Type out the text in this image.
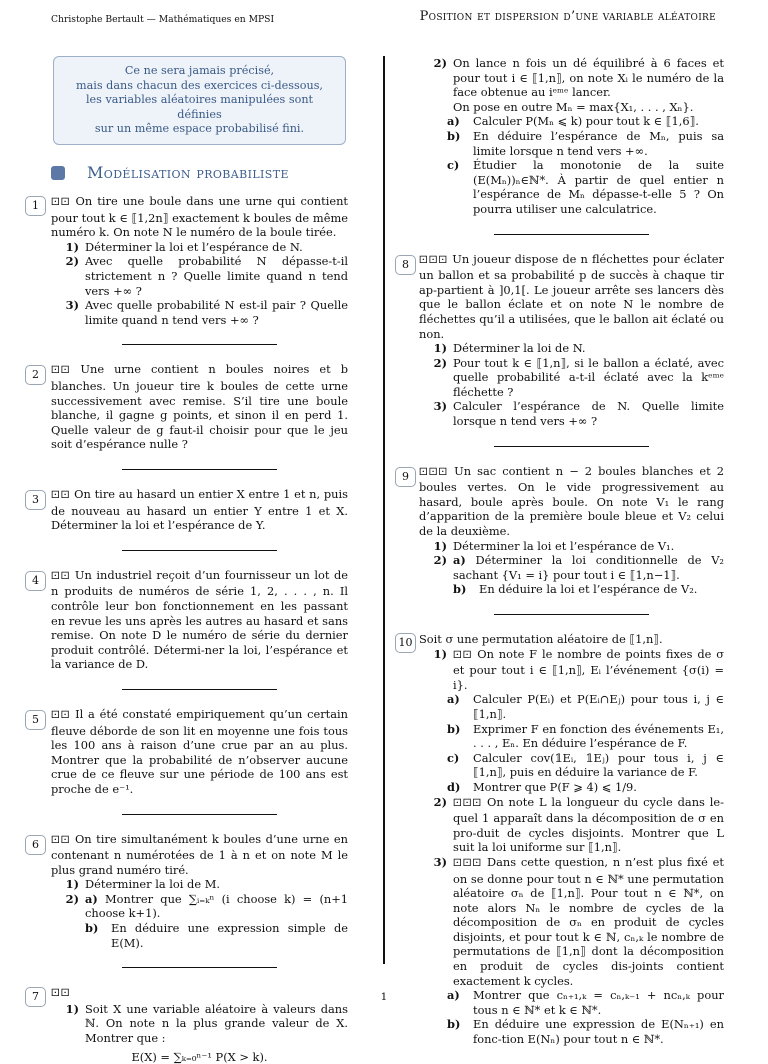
Christophe Bertault — Mathématiques en MPSI	Position et dispersion d’une variable aléatoire
Ce ne sera jamais précisé,
mais dans chacun des exercices ci-dessous,
les variables aléatoires manipulées sont définies
sur un même espace probabilisé fini.
Modélisation probabiliste
1	⚀⚀ On tire une boule dans une urne qui contient pour tout k ∈ ⟦1,2n⟧ exactement k boules de même numéro k. On note N le numéro de la boule tirée.

1) Déterminer la loi et l’espérance de N.
2) Avec quelle probabilité N dépasse-t-il strictement n ? Quelle limite quand n tend vers +∞ ?
3) Avec quelle probabilité N est-il pair ? Quelle limite quand n tend vers +∞ ?
2	⚀⚀ Une urne contient n boules noires et b blanches. Un joueur tire k boules de cette urne successivement avec remise. S’il tire une boule blanche, il gagne g points, et sinon il en perd 1. Quelle valeur de g faut-il choisir pour que le jeu soit d’espérance nulle ?

3	⚀⚀ On tire au hasard un entier X entre 1 et n, puis de nouveau au hasard un entier Y entre 1 et X. Déterminer la loi et l’espérance de Y.

4	⚀⚀ Un industriel reçoit d’un fournisseur un lot de n produits de numéros de série 1, 2, . . . , n. Il contrôle leur bon fonctionnement en les passant en revue les uns après les autres au hasard et sans remise. On note D le numéro de série du dernier produit contrôlé. Détermi-ner la loi, l’espérance et la variance de D.

5	⚀⚀ Il a été constaté empiriquement qu’un certain fleuve déborde de son lit en moyenne une fois tous les 100 ans à raison d’une crue par an au plus. Montrer que la probabilité de n’observer aucune crue de ce fleuve sur une période de 100 ans est proche de e⁻¹.

6	⚀⚀ On tire simultanément k boules d’une urne en contenant n numérotées de 1 à n et on note M le plus grand numéro tiré.

1) Déterminer la loi de M.
2) a) Montrer que ∑ᵢ₌ₖⁿ (i choose k) = (n+1 choose k+1).
b)	En déduire une expression simple de E(M).
7	⚀⚀

1) Soit X une variable aléatoire à valeurs dans ℕ. On note n la plus grande valeur de X. Montrer que :
E(X) = ∑ₖ₌₀ⁿ⁻¹ P(X > k).
2) On lance n fois un dé équilibré à 6 faces et pour tout i ∈ ⟦1,n⟧, on note Xᵢ le numéro de la face obtenue au iᵉᵐᵉ lancer.
On pose en outre Mₙ = max{X₁, . . . , Xₙ}.
a)	Calculer P(Mₙ ⩽ k) pour tout k ∈ ⟦1,6⟧.
b)	En déduire l’espérance de Mₙ, puis sa limite lorsque n tend vers +∞.
c)	Étudier la monotonie de la suite (E(Mₙ))ₙ∈ℕ*. À partir de quel entier n l’espérance de Mₙ dépasse-t-elle 5 ? On pourra utiliser une calculatrice.
8	⚀⚀⚀ Un joueur dispose de n fléchettes pour éclater un ballon et sa probabilité p de succès à chaque tir ap-partient à ]0,1[. Le joueur arrête ses lancers dès que le ballon éclate et on note N le nombre de fléchettes qu’il a utilisées, que le ballon ait éclaté ou non.

1) Déterminer la loi de N.
2) Pour tout k ∈ ⟦1,n⟧, si le ballon a éclaté, avec quelle probabilité a-t-il éclaté avec la kᵉᵐᵉ fléchette ?
3) Calculer l’espérance de N. Quelle limite lorsque n tend vers +∞ ?
9	⚀⚀⚀ Un sac contient n − 2 boules blanches et 2 boules vertes. On le vide progressivement au hasard, boule après boule. On note V₁ le rang d’apparition de la première boule bleue et V₂ celui de la deuxième.

1) Déterminer la loi et l’espérance de V₁.
2) a) Déterminer la loi conditionnelle de V₂ sachant {V₁ = i} pour tout i ∈ ⟦1,n−1⟧.
b)	En déduire la loi et l’espérance de V₂.
10 Soit σ une permutation aléatoire de ⟦1,n⟧.

1) ⚀⚀ On note F le nombre de points fixes de σ et pour tout i ∈ ⟦1,n⟧, Eᵢ l’événement {σ(i) = i}.
a)	Calculer P(Eᵢ) et P(Eᵢ∩Eⱼ) pour tous i, j ∈ ⟦1,n⟧.
b)	Exprimer F en fonction des événements E₁, . . . , Eₙ. En déduire l’espérance de F.
c)	Calculer cov(𝟙Eᵢ, 𝟙Eⱼ) pour tous i, j ∈ ⟦1,n⟧, puis en déduire la variance de F.
d)	Montrer que P(F ⩾ 4) ⩽ 1/9.
2) ⚀⚀⚀ On note L la longueur du cycle dans le-quel 1 apparaît dans la décomposition de σ en pro-duit de cycles disjoints. Montrer que L suit la loi uniforme sur ⟦1,n⟧.
3) ⚀⚀⚀ Dans cette question, n n’est plus fixé et on se donne pour tout n ∈ ℕ* une permutation aléatoire σₙ de ⟦1,n⟧. Pour tout n ∈ ℕ*, on note alors Nₙ le nombre de cycles de la décomposition de σₙ en produit de cycles disjoints, et pour tout k ∈ ℕ, cₙ,ₖ le nombre de permutations de ⟦1,n⟧ dont la décomposition en produit de cycles dis-joints contient exactement k cycles.
a)	Montrer que cₙ₊₁,ₖ = cₙ,ₖ₋₁ + ncₙ,ₖ pour tous n ∈ ℕ* et k ∈ ℕ*.
b)	En déduire une expression de E(Nₙ₊₁) en fonc-tion E(Nₙ) pour tout n ∈ ℕ*.
1
